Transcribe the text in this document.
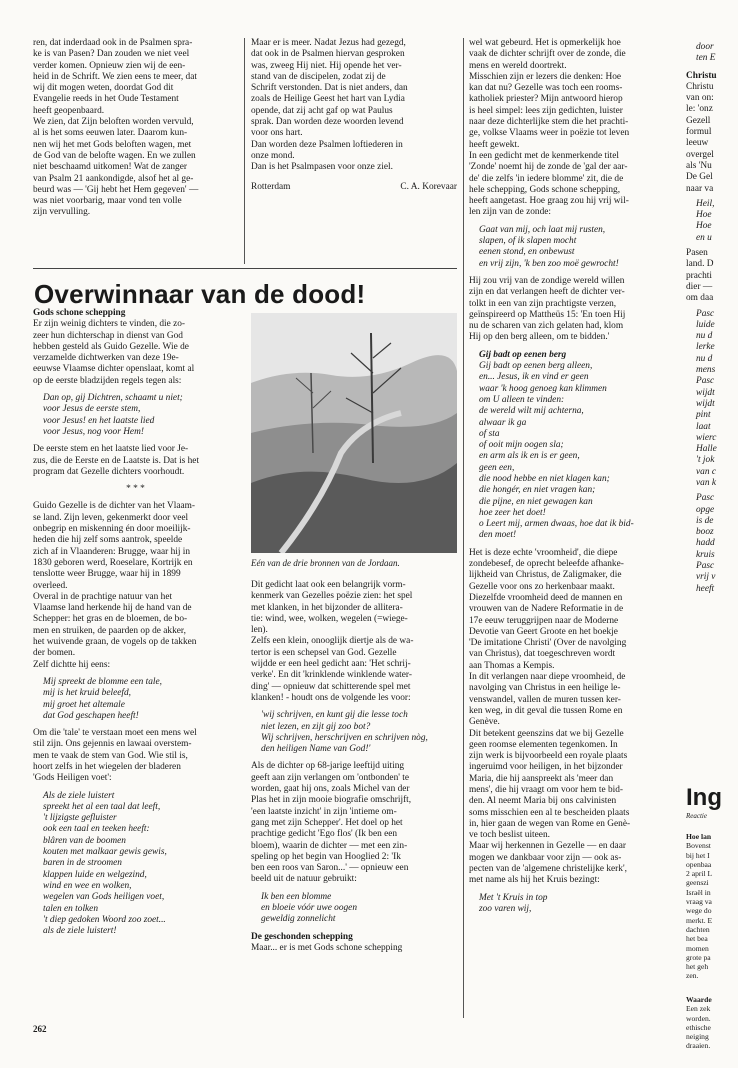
ren, dat inderdaad ook in de Psalmen spra-
ke is van Pasen? Dan zouden we niet veel
verder komen. Opnieuw zien wij de een-
heid in de Schrift. We zien eens te meer, dat
wij dit mogen weten, doordat God dit
Evangelie reeds in het Oude Testament
heeft geopenbaard.
We zien, dat Zijn beloften worden vervuld,
al is het soms eeuwen later. Daarom kun-
nen wij het met Gods beloften wagen, met
de God van de belofte wagen. En we zullen
niet beschaamd uitkomen! Wat de zanger
van Psalm 21 aankondigde, alsof het al ge-
beurd was — 'Gij hebt het Hem gegeven' —
was niet voorbarig, maar vond ten volle
zijn vervulling.
Maar er is meer. Nadat Jezus had gezegd,
dat ook in de Psalmen hiervan gesproken
was, zweeg Hij niet. Hij opende het ver-
stand van de discipelen, zodat zij de
Schrift verstonden. Dat is niet anders, dan
zoals de Heilige Geest het hart van Lydia
opende, dat zij acht gaf op wat Paulus
sprak. Dan worden deze woorden levend
voor ons hart.
Dan worden deze Psalmen loftiederen in
onze mond.
Dan is het Psalmpasen voor onze ziel.
Rotterdam	C. A. Korevaar
Overwinnaar van de dood!
Gods schone schepping
Er zijn weinig dichters te vinden, die zo-
zeer hun dichterschap in dienst van God
hebben gesteld als Guido Gezelle. Wie de
verzamelde dichtwerken van deze 19e-
eeuwse Vlaamse dichter openslaat, komt al
op de eerste bladzijden regels tegen als:
Dan op, gij Dichtren, schaamt u niet;
voor Jesus de eerste stem,
voor Jesus! en het laatste lied
voor Jesus, nog voor Hem!
De eerste stem en het laatste lied voor Je-
zus, die de Eerste en de Laatste is. Dat is het
program dat Gezelle dichters voorhoudt.
* * *
Guido Gezelle is de dichter van het Vlaam-
se land. Zijn leven, gekenmerkt door veel
onbegrip en miskenning én door moeilijk-
heden die hij zelf soms aantrok, speelde
zich af in Vlaanderen: Brugge, waar hij in
1830 geboren werd, Roeselare, Kortrijk en
tenslotte weer Brugge, waar hij in 1899
overleed.
Overal in de prachtige natuur van het
Vlaamse land herkende hij de hand van de
Schepper: het gras en de bloemen, de bo-
men en struiken, de paarden op de akker,
het wuivende graan, de vogels op de takken
der bomen.
Zelf dichtte hij eens:
Mij spreekt de blomme een tale,
mij is het kruid beleefd,
mij groet het altemale
dat God geschapen heeft!
Om die 'tale' te verstaan moet een mens wel
stil zijn. Ons gejennis en lawaai overstem-
men te vaak de stem van God. Wie stil is,
hoort zelfs in het wiegelen der bladeren
'Gods Heiligen voet':
Als de ziele luistert
spreekt het al een taal dat leeft,
't lijzigste gefluister
ook een taal en teeken heeft:
blâren van de boomen
kouten met malkaar gewis gewis,
baren in de stroomen
klappen luide en welgezind,
wind en wee en wolken,
wegelen van Gods heiligen voet,
talen en tolken
't diep gedoken Woord zoo zoet...
als de ziele luistert!
Eén van de drie bronnen van de Jordaan.
Dit gedicht laat ook een belangrijk vorm-
kenmerk van Gezelles poëzie zien: het spel
met klanken, in het bijzonder de allitera-
tie: wind, wee, wolken, wegelen (=wiege-
len).
Zelfs een klein, onooglijk diertje als de wa-
tertor is een schepsel van God. Gezelle
wijdde er een heel gedicht aan: 'Het schrij-
verke'. En dit 'krinklende winklende water-
ding' — opnieuw dat schitterende spel met
klanken! - houdt ons de volgende les voor:
'wij schrijven, en kunt gij die lesse toch
niet lezen, en zijt gij zoo bot?
Wij schrijven, herschrijven en schrijven nòg,
den heiligen Name van God!'
Als de dichter op 68-jarige leeftijd uiting
geeft aan zijn verlangen om 'ontbonden' te
worden, gaat hij ons, zoals Michel van der
Plas het in zijn mooie biografie omschrijft,
'een laatste inzicht' in zijn 'intieme om-
gang met zijn Schepper'. Het doel op het
prachtige gedicht 'Ego flos' (Ik ben een
bloem), waarin de dichter — met een zin-
speling op het begin van Hooglied 2: 'Ik
ben een roos van Saron...' — opnieuw een
beeld uit de natuur gebruikt:
Ik ben een blomme
en bloeie vóór uwe oogen
geweldig zonnelicht
De geschonden schepping
Maar... er is met Gods schone schepping
wel wat gebeurd. Het is opmerkelijk hoe
vaak de dichter schrijft over de zonde, die
mens en wereld doortrekt.
Misschien zijn er lezers die denken: Hoe
kan dat nu? Gezelle was toch een rooms-
katholiek priester? Mijn antwoord hierop
is heel simpel: lees zijn gedichten, luister
naar deze dichterlijke stem die het prachti-
ge, volkse Vlaams weer in poëzie tot leven
heeft gewekt.
In een gedicht met de kenmerkende titel
'Zonde' noemt hij de zonde de 'gal der aar-
de' die zelfs 'in iedere blomme' zit, die de
hele schepping, Gods schone schepping,
heeft aangetast. Hoe graag zou hij vrij wil-
len zijn van de zonde:
Gaat van mij, och laat mij rusten,
slapen, of ik slapen mocht
eenen stond, en onbewust
en vrij zijn, 'k ben zoo moë gewrocht!
Hij zou vrij van de zondige wereld willen
zijn en dat verlangen heeft de dichter ver-
tolkt in een van zijn prachtigste verzen,
geïnspireerd op Mattheüs 15: 'En toen Hij
nu de scharen van zich gelaten had, klom
Hij op den berg alleen, om te bidden.'
Gij badt op eenen berg
Gij badt op eenen berg alleen,
en... Jesus, ik en vind er geen
waar 'k hoog genoeg kan klimmen
om U alleen te vinden:
de wereld wilt mij achterna,
alwaar ik ga
of sta
of ooit mijn oogen sla;
en arm als ik en is er geen,
geen een,
die nood hebbe en niet klagen kan;
die hongér, en niet vragen kan;
die pijne, en niet gewagen kan
hoe zeer het doet!
o Leert mij, armen dwaas, hoe dat ik bid-
den moet!
Het is deze echte 'vroomheid', die diepe
zondebesef, de oprecht beleefde afhanke-
lijkheid van Christus, de Zaligmaker, die
Gezelle voor ons zo herkenbaar maakt.
Diezelfde vroomheid deed de mannen en
vrouwen van de Nadere Reformatie in de
17e eeuw teruggrijpen naar de Moderne
Devotie van Geert Groote en het boekje
'De imitatione Christi' (Over de navolging
van Christus), dat toegeschreven wordt
aan Thomas a Kempis.
In dit verlangen naar diepe vroomheid, de
navolging van Christus in een heilige le-
venswandel, vallen de muren tussen ker-
ken weg, in dit geval die tussen Rome en
Genève.
Dit betekent geenszins dat we bij Gezelle
geen roomse elementen tegenkomen. In
zijn werk is bijvoorbeeld een royale plaats
ingeruimd voor heiligen, in het bijzonder
Maria, die hij aanspreekt als 'meer dan
mens', die hij vraagt om voor hem te bid-
den. Al neemt Maria bij ons calvinisten
soms misschien een al te bescheiden plaats
in, hier gaan de wegen van Rome en Genè-
ve toch beslist uiteen.
Maar wij herkennen in Gezelle — en daar
mogen we dankbaar voor zijn — ook as-
pecten van de 'algemene christelijke kerk',
met name als hij het Kruis bezingt:
Met 't Kruis in top
zoo varen wij,
262
door
ten E
Christu
Christu
van on:
le: 'onz
Gezell
formul
leeuw
overgel
als 'Nu
De Gel
naar va
Heil,
Hoe
Hoe
en u
Pasen
land. D
prachti
dier —
om daa
Pasc
luide
nu d
lerke
nu d
mens
Pasc
wijdt
wijdt
pint
laat
wierc
Halle
't jok
van c
van k
Pasc
opge
is de
booz
hadd
kruis
Pasc
vrij v
heeft
Ing
Reactie
Hoe lan
Bovenst
bij het I
openbaa
2 april L
geenszi
Israël in
vraag va
wege do
merkt. E
dachten
het bea
momen
grote pa
het geh
zen.
Waarde
Een zek
worden.
ethische
neiging
draaien.
